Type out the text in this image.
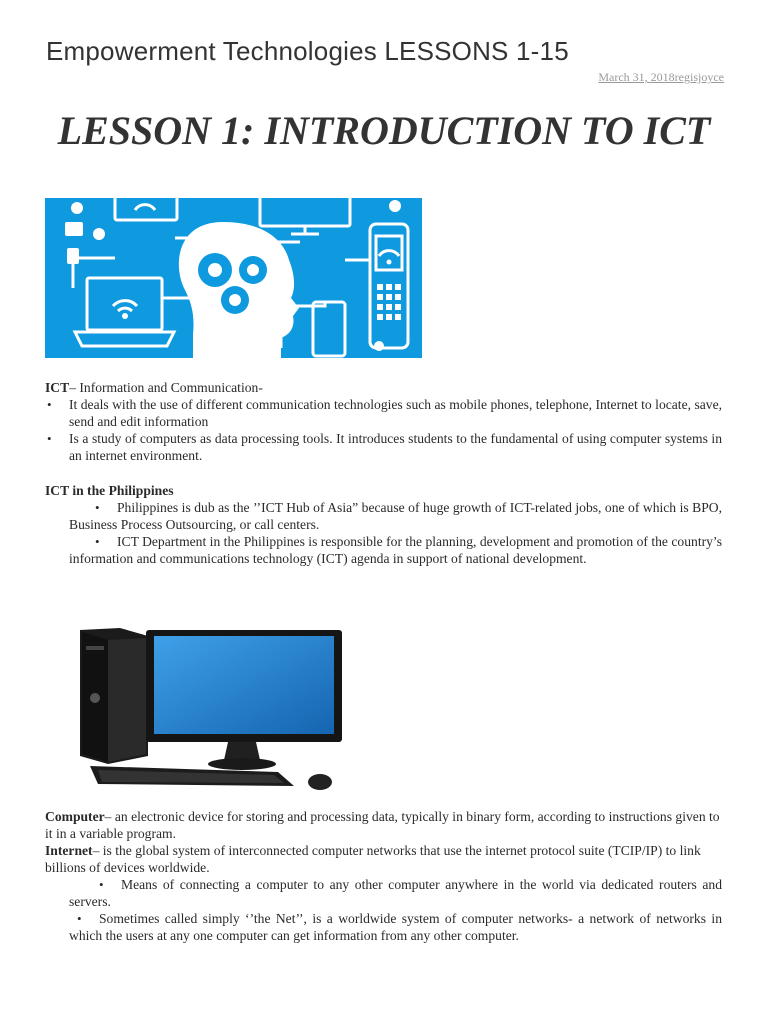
Empowerment Technologies LESSONS 1-15
March 31, 2018regisjoyce
LESSON 1: INTRODUCTION TO ICT
ICT– Information and Communication-
• It deals with the use of different communication technologies such as mobile phones, telephone, Internet to locate, save, send and edit information
• Is a study of computers as data processing tools. It introduces students to the fundamental of using computer systems in an internet environment.
ICT in the Philippines
• Philippines is dub as the ’’ICT Hub of Asia” because of huge growth of ICT-related jobs, one of which is BPO, Business Process Outsourcing, or call centers.
• ICT Department in the Philippines is responsible for the planning, development and promotion of the country’s information and communications technology (ICT) agenda in support of national development.
Computer– an electronic device for storing and processing data, typically in binary form, according to instructions given to it in a variable program.
Internet– is the global system of interconnected computer networks that use the internet protocol suite (TCIP/IP) to link billions of devices worldwide.
• Means of connecting a computer to any other computer anywhere in the world via dedicated routers and servers.
• Sometimes called simply ‘’the Net’’, is a worldwide system of computer networks- a network of networks in which the users at any one computer can get information from any other computer.
